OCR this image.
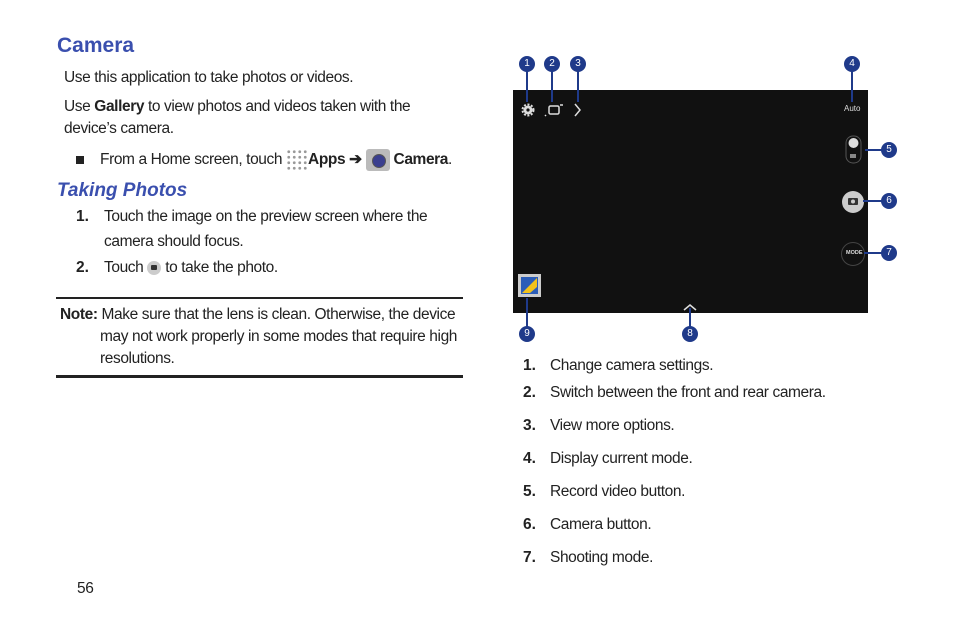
Camera
Use this application to take photos or videos.
Use Gallery to view photos and videos taken with the
device’s camera.
From a Home screen, touch Apps ➔ Camera.
Taking Photos
1. Touch the image on the preview screen where the
camera should focus.
2. Touch to take the photo.
Note: Make sure that the lens is clean. Otherwise, the device
may not work properly in some modes that require high
resolutions.
56
Auto
MODE
1	2	3	4
5
6
7
8
9
1. Change camera settings.
2. Switch between the front and rear camera.
3. View more options.
4. Display current mode.
5. Record video button.
6. Camera button.
7. Shooting mode.
